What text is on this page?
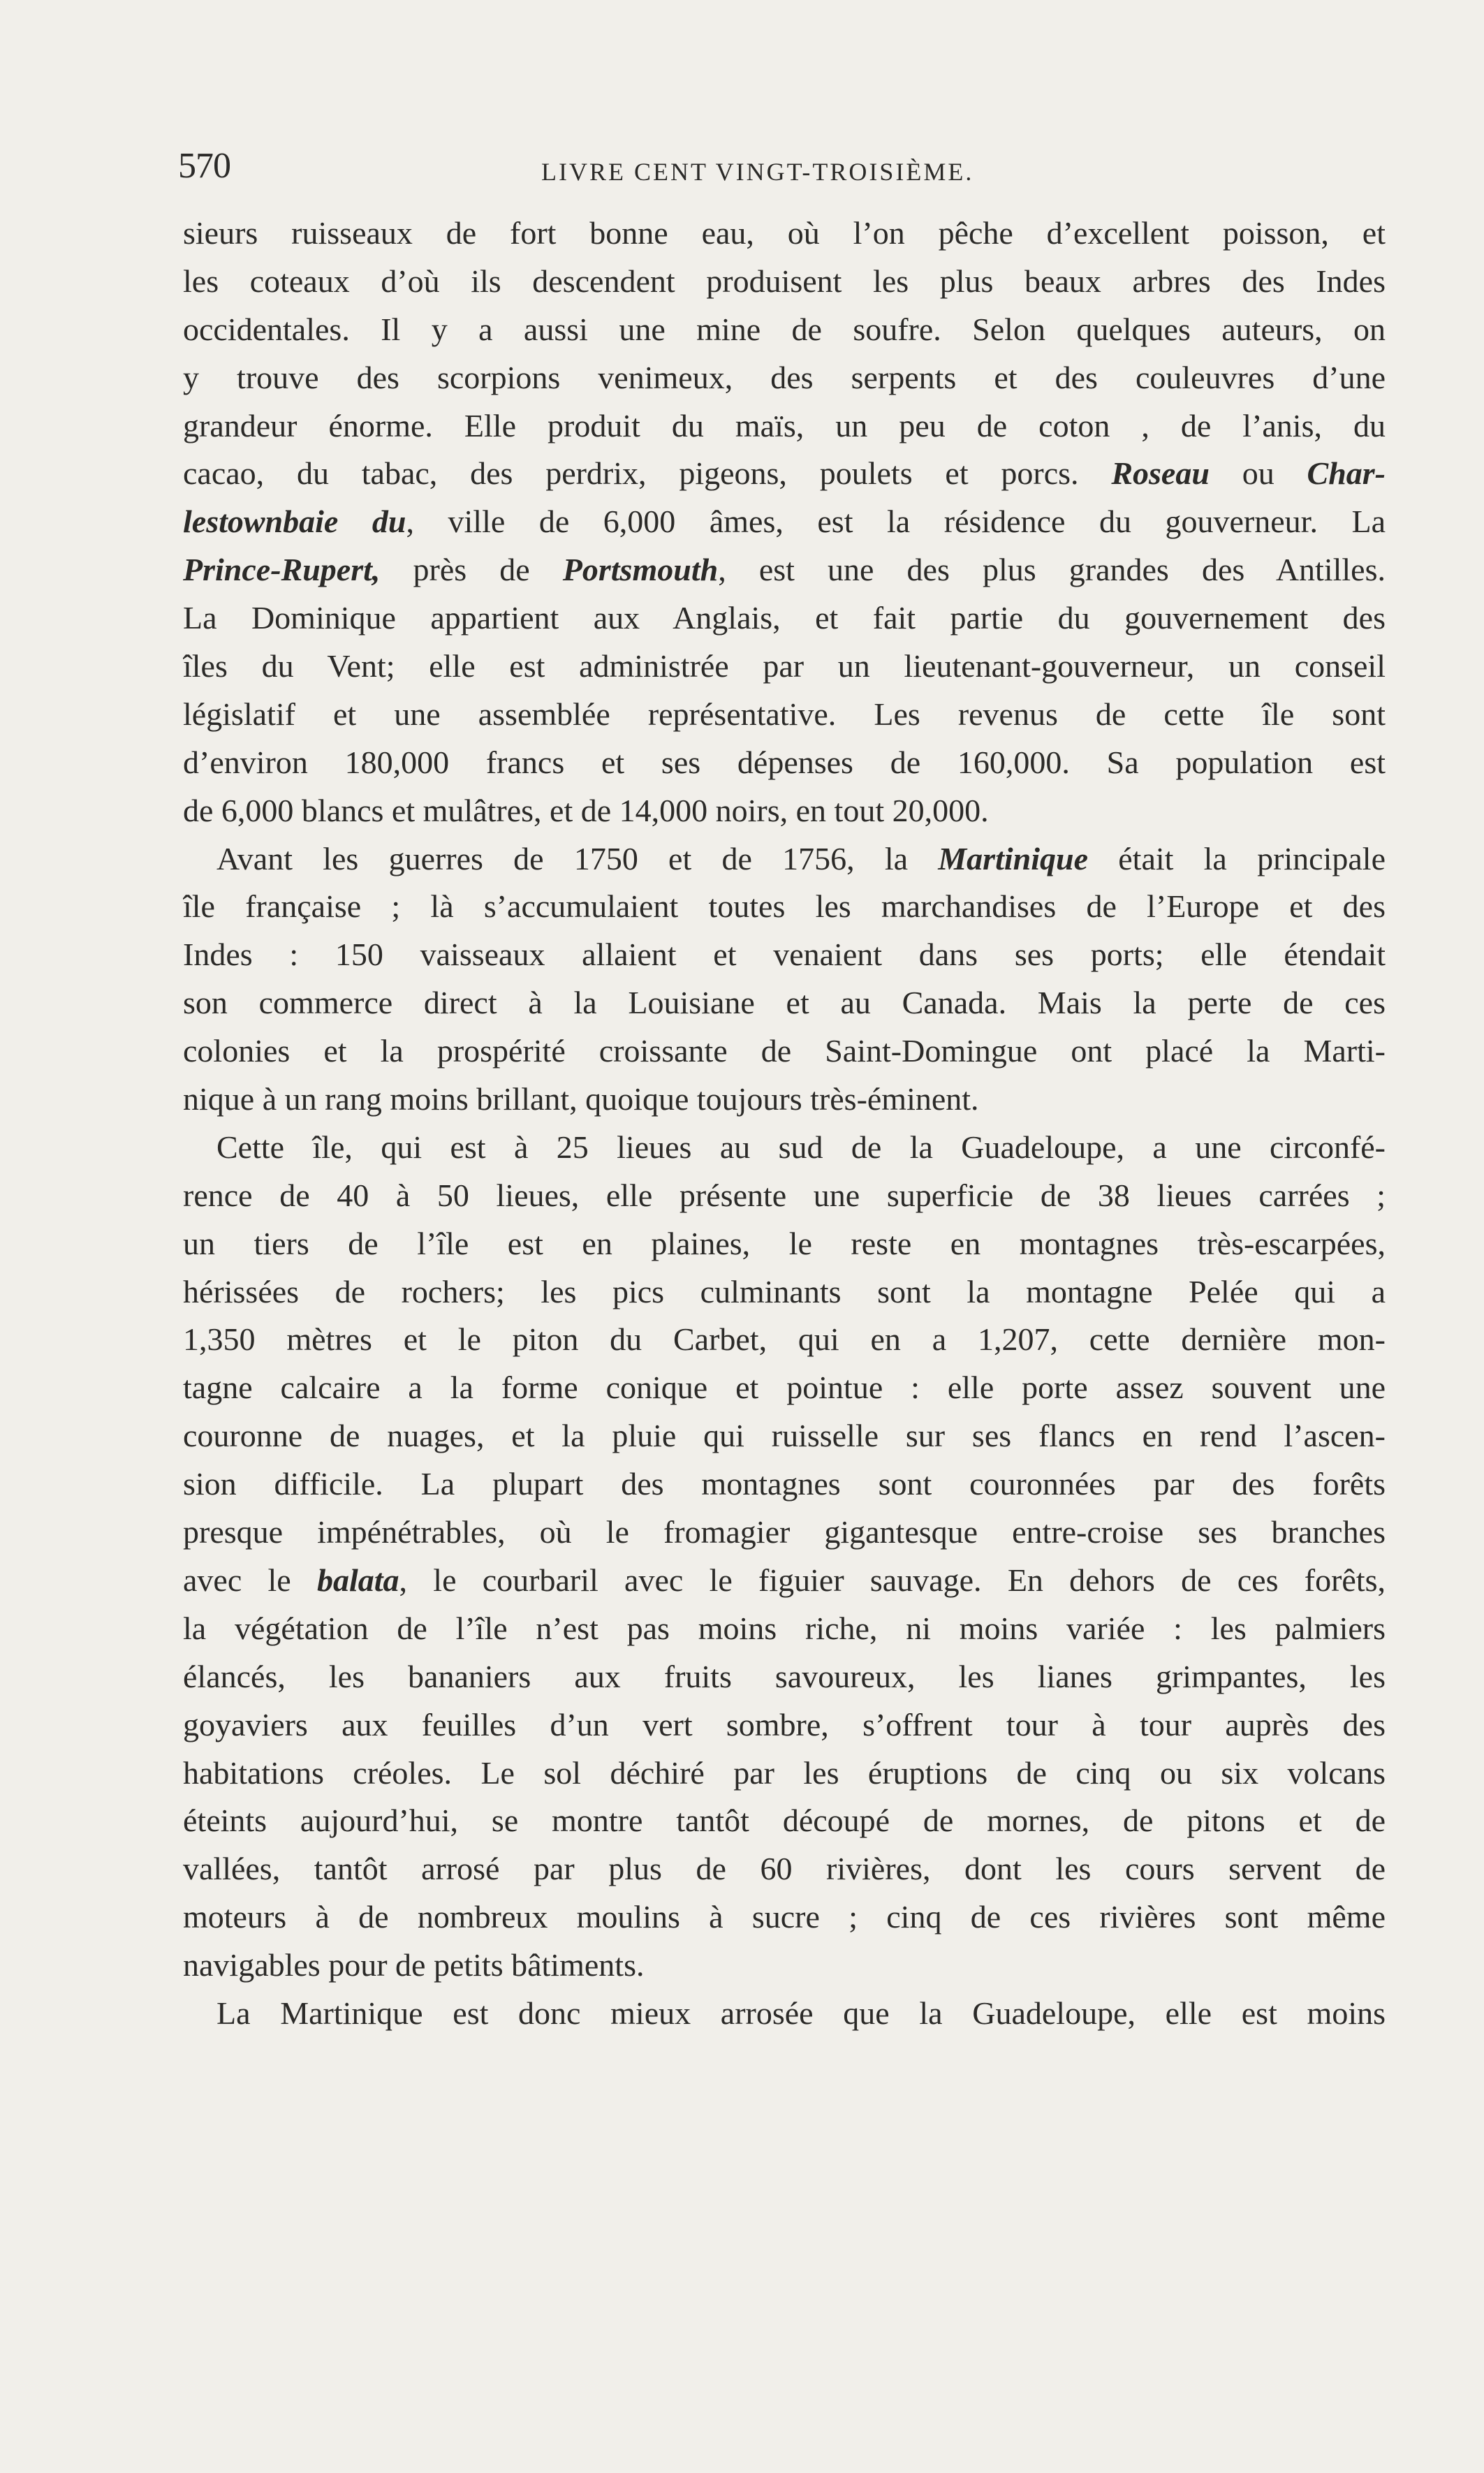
570	LIVRE CENT VINGT-TROISIÈME.
sieurs ruisseaux de fort bonne eau, où l’on pêche d’excellent poisson, et
les coteaux d’où ils descendent produisent les plus beaux arbres des Indes
occidentales. Il y a aussi une mine de soufre. Selon quelques auteurs, on
y trouve des scorpions venimeux, des serpents et des couleuvres d’une
grandeur énorme. Elle produit du maïs, un peu de coton , de l’anis, du
cacao, du tabac, des perdrix, pigeons, poulets et porcs. Roseau ou Char-
lestownbaie du, ville de 6,000 âmes, est la résidence du gouverneur. La
Prince-Rupert, près de Portsmouth, est une des plus grandes des Antilles.
La Dominique appartient aux Anglais, et fait partie du gouvernement des
îles du Vent; elle est administrée par un lieutenant-gouverneur, un conseil
législatif et une assemblée représentative. Les revenus de cette île sont
d’environ 180,000 francs et ses dépenses de 160,000. Sa population est
de 6,000 blancs et mulâtres, et de 14,000 noirs, en tout 20,000.
Avant les guerres de 1750 et de 1756, la Martinique était la principale
île française ; là s’accumulaient toutes les marchandises de l’Europe et des
Indes : 150 vaisseaux allaient et venaient dans ses ports; elle étendait
son commerce direct à la Louisiane et au Canada. Mais la perte de ces
colonies et la prospérité croissante de Saint-Domingue ont placé la Marti-
nique à un rang moins brillant, quoique toujours très-éminent.
Cette île, qui est à 25 lieues au sud de la Guadeloupe, a une circonfé-
rence de 40 à 50 lieues, elle présente une superficie de 38 lieues carrées ;
un tiers de l’île est en plaines, le reste en montagnes très-escarpées,
hérissées de rochers; les pics culminants sont la montagne Pelée qui a
1,350 mètres et le piton du Carbet, qui en a 1,207, cette dernière mon-
tagne calcaire a la forme conique et pointue : elle porte assez souvent une
couronne de nuages, et la pluie qui ruisselle sur ses flancs en rend l’ascen-
sion difficile. La plupart des montagnes sont couronnées par des forêts
presque impénétrables, où le fromagier gigantesque entre-croise ses branches
avec le balata, le courbaril avec le figuier sauvage. En dehors de ces forêts,
la végétation de l’île n’est pas moins riche, ni moins variée : les palmiers
élancés, les bananiers aux fruits savoureux, les lianes grimpantes, les
goyaviers aux feuilles d’un vert sombre, s’offrent tour à tour auprès des
habitations créoles. Le sol déchiré par les éruptions de cinq ou six volcans
éteints aujourd’hui, se montre tantôt découpé de mornes, de pitons et de
vallées, tantôt arrosé par plus de 60 rivières, dont les cours servent de
moteurs à de nombreux moulins à sucre ; cinq de ces rivières sont même
navigables pour de petits bâtiments.
La Martinique est donc mieux arrosée que la Guadeloupe, elle est moins
